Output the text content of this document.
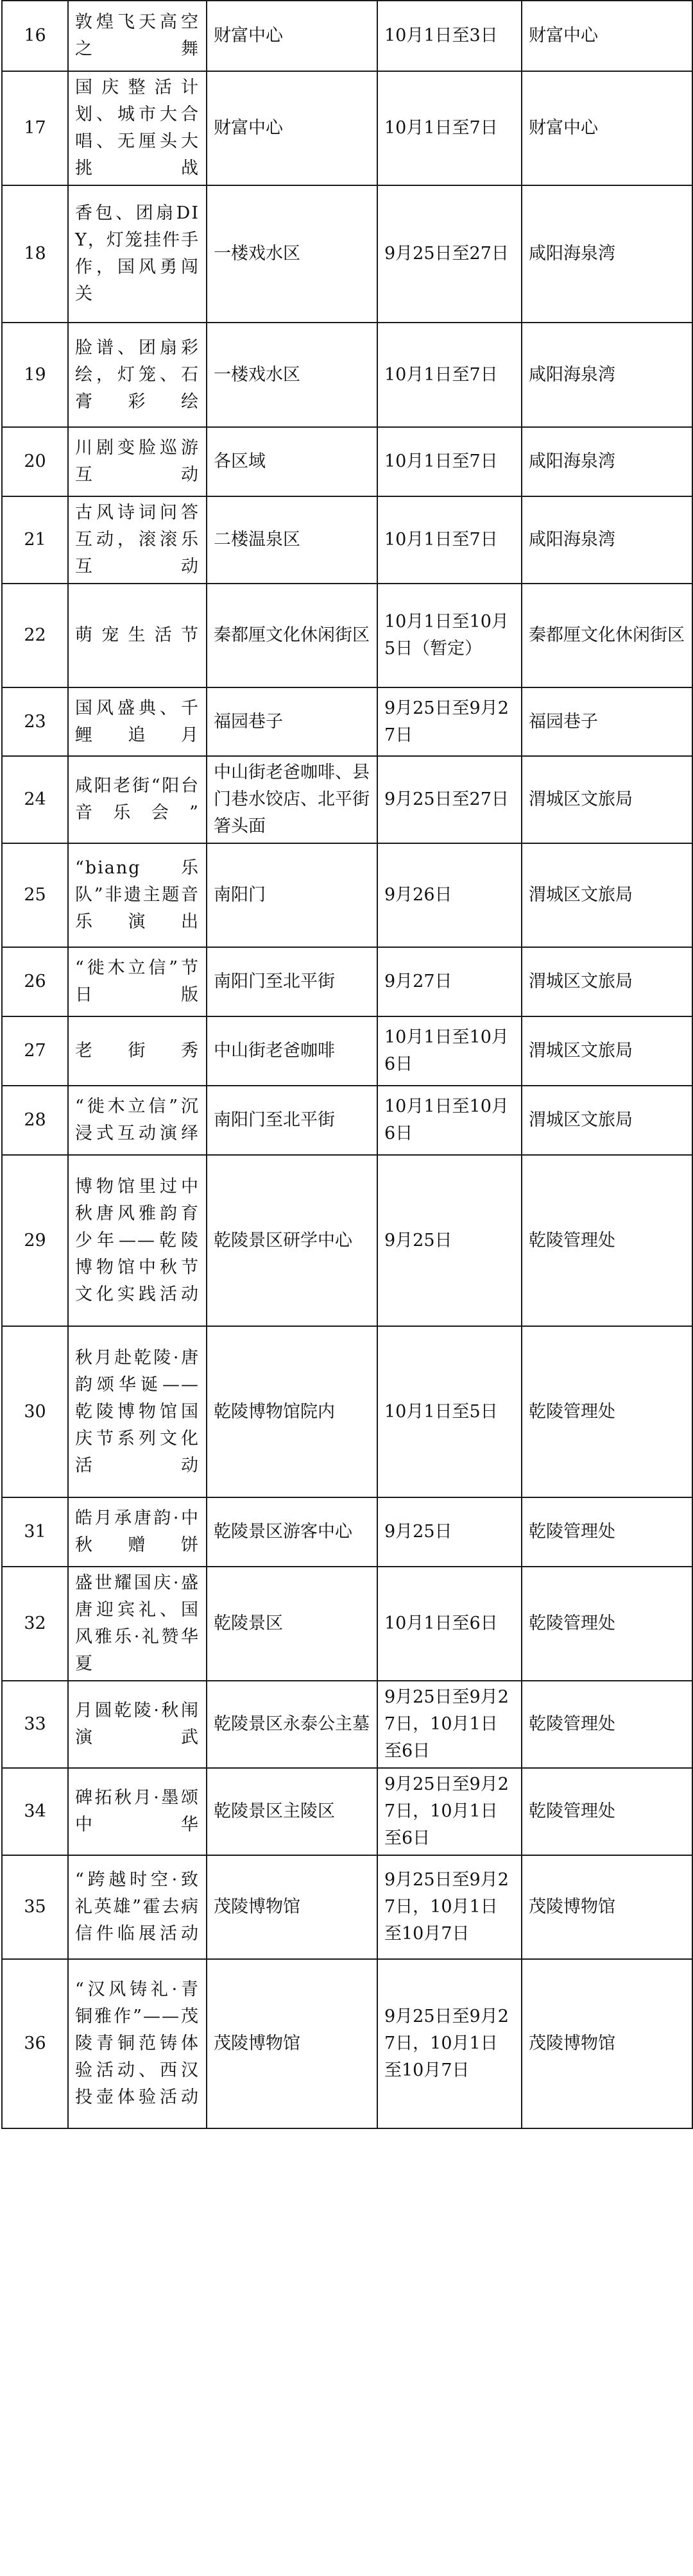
16	敦煌飞天高空之舞	财富中心	10月1日至3日	财富中心
17	国庆整活计划、城市大合唱、无厘头大挑战	财富中心	10月1日至7日	财富中心
18	香包、团扇DIY，灯笼挂件手作，国风勇闯关	一楼戏水区	9月25日至27日	咸阳海泉湾
19	脸谱、团扇彩绘，灯笼、石膏彩绘	一楼戏水区	10月1日至7日	咸阳海泉湾
20	川剧变脸巡游互动	各区域	10月1日至7日	咸阳海泉湾
21	古风诗词问答互动，滚滚乐互动	二楼温泉区	10月1日至7日	咸阳海泉湾
22	萌宠生活节	秦都厘文化休闲街区	10月1日至10月5日（暂定）	秦都厘文化休闲街区
23	国风盛典、千鲤追月	福园巷子	9月25日至9月27日	福园巷子
24	咸阳老街“阳台音乐会”	中山街老爸咖啡、县门巷水饺店、北平街箸头面	9月25日至27日	渭城区文旅局
25	“biang乐队”非遗主题音乐演出	南阳门	9月26日	渭城区文旅局
26	“徙木立信”节日版	南阳门至北平街	9月27日	渭城区文旅局
27	老街秀	中山街老爸咖啡	10月1日至10月6日	渭城区文旅局
28	“徙木立信”沉浸式互动演绎	南阳门至北平街	10月1日至10月6日	渭城区文旅局
29	博物馆里过中秋唐风雅韵育少年——乾陵博物馆中秋节文化实践活动	乾陵景区研学中心	9月25日	乾陵管理处
30	秋月赴乾陵·唐韵颂华诞——乾陵博物馆国庆节系列文化活动	乾陵博物馆院内	10月1日至5日	乾陵管理处
31	皓月承唐韵·中秋赠饼	乾陵景区游客中心	9月25日	乾陵管理处
32	盛世耀国庆·盛唐迎宾礼、国风雅乐·礼赞华夏	乾陵景区	10月1日至6日	乾陵管理处
33	月圆乾陵·秋闱演武	乾陵景区永泰公主墓	9月25日至9月27日，10月1日至6日	乾陵管理处
34	碑拓秋月·墨颂中华	乾陵景区主陵区	9月25日至9月27日，10月1日至6日	乾陵管理处
35	“跨越时空·致礼英雄”霍去病信件临展活动	茂陵博物馆	9月25日至9月27日，10月1日至10月7日	茂陵博物馆
36	“汉风铸礼·青铜雅作”——茂陵青铜范铸体验活动、西汉投壶体验活动	茂陵博物馆	9月25日至9月27日，10月1日至10月7日	茂陵博物馆
